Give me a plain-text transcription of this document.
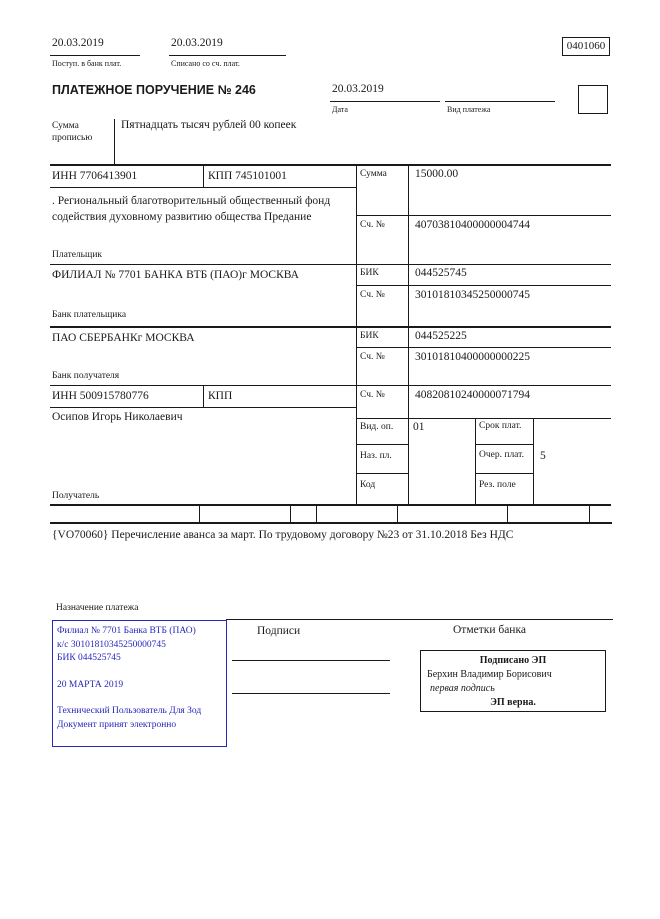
20.03.2019
Поступ. в банк плат.
20.03.2019
Списано со сч. плат.
0401060
ПЛАТЕЖНОЕ ПОРУЧЕНИЕ № 246	20.03.2019
Дата	Вид платежа
Сумма прописью
Пятнадцать тысяч рублей 00 копеек
ИНН 7706413901	КПП 745101001	Сумма 15000.00
. Региональный благотворительный общественный фонд содействия духовному развитию общества Предание
Сч. №	40703810400000004744
Плательщик
ФИЛИАЛ № 7701 БАНКА ВТБ (ПАО)г МОСКВА	БИК	044525745
Сч. №	30101810345250000745
Банк плательщика
ПАО СБЕРБАНКг МОСКВА	БИК	044525225
Сч. №	30101810400000000225
Банк получателя
ИНН 500915780776	КПП	Сч. №	40820810240000071794
Осипов Игорь Николаевич
Получатель
Вид. оп. 01	Срок плат.
Наз. пл.	Очер. плат. 5
Код	Рез. поле
{VO70060} Перечисление аванса за март. По трудовому договору №23 от 31.10.2018 Без НДС
Назначение платежа
Подписи	Отметки банка
Подписано ЭП
Берхин Владимир Борисович
первая подпись
ЭП верна.
Филиал № 7701 Банка ВТБ (ПАО)
к/с 30101810345250000745
БИК 044525745
20 МАРТА 2019
Технический Пользователь Для Зод
Документ принят электронно
